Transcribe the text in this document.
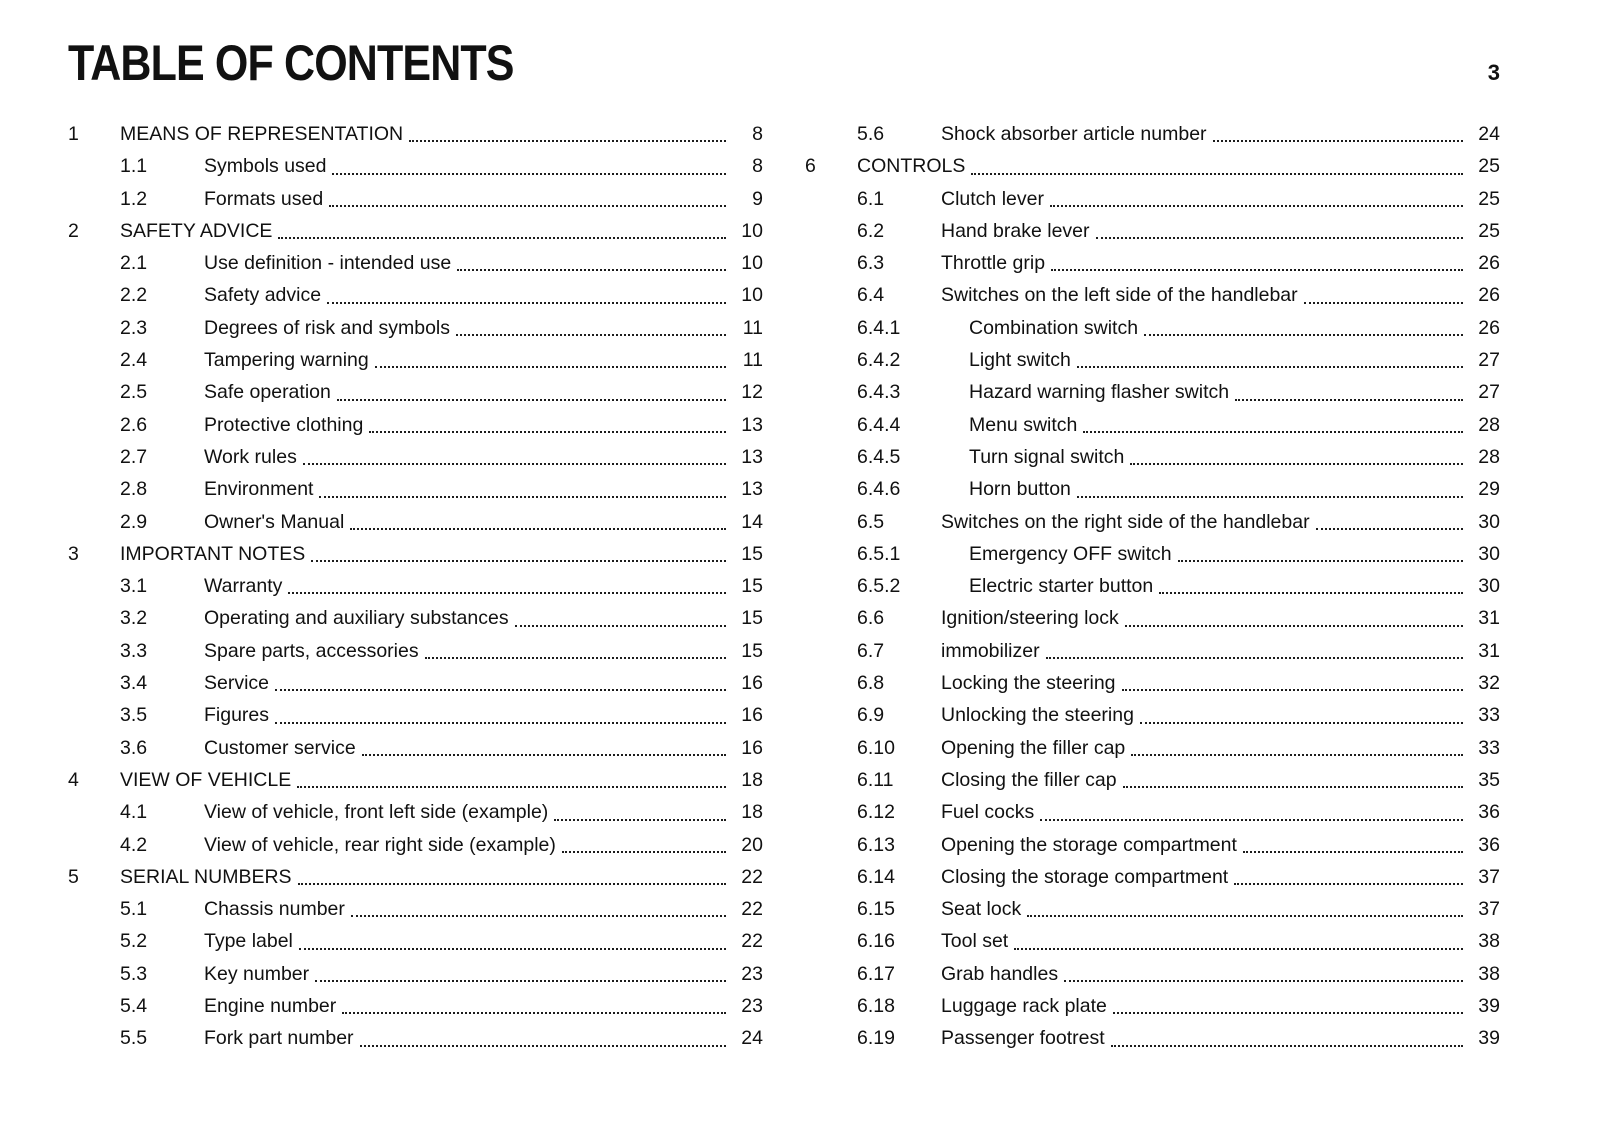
TABLE OF CONTENTS	3
1	MEANS OF REPRESENTATION	8
1.1	Symbols used	8
1.2	Formats used	9
2	SAFETY ADVICE	10
2.1	Use definition - intended use	10
2.2	Safety advice	10
2.3	Degrees of risk and symbols	11
2.4	Tampering warning	11
2.5	Safe operation	12
2.6	Protective clothing	13
2.7	Work rules	13
2.8	Environment	13
2.9	Owner's Manual	14
3	IMPORTANT NOTES	15
3.1	Warranty	15
3.2	Operating and auxiliary substances	15
3.3	Spare parts, accessories	15
3.4	Service	16
3.5	Figures	16
3.6	Customer service	16
4	VIEW OF VEHICLE	18
4.1	View of vehicle, front left side (example)	18
4.2	View of vehicle, rear right side (example)	20
5	SERIAL NUMBERS	22
5.1	Chassis number	22
5.2	Type label	22
5.3	Key number	23
5.4	Engine number	23
5.5	Fork part number	24
5.6	Shock absorber article number	24
6	CONTROLS	25
6.1	Clutch lever	25
6.2	Hand brake lever	25
6.3	Throttle grip	26
6.4	Switches on the left side of the handlebar	26
6.4.1	Combination switch	26
6.4.2	Light switch	27
6.4.3	Hazard warning flasher switch	27
6.4.4	Menu switch	28
6.4.5	Turn signal switch	28
6.4.6	Horn button	29
6.5	Switches on the right side of the handlebar	30
6.5.1	Emergency OFF switch	30
6.5.2	Electric starter button	30
6.6	Ignition/steering lock	31
6.7	immobilizer	31
6.8	Locking the steering	32
6.9	Unlocking the steering	33
6.10	Opening the filler cap	33
6.11	Closing the filler cap	35
6.12	Fuel cocks	36
6.13	Opening the storage compartment	36
6.14	Closing the storage compartment	37
6.15	Seat lock	37
6.16	Tool set	38
6.17	Grab handles	38
6.18	Luggage rack plate	39
6.19	Passenger footrest	39
